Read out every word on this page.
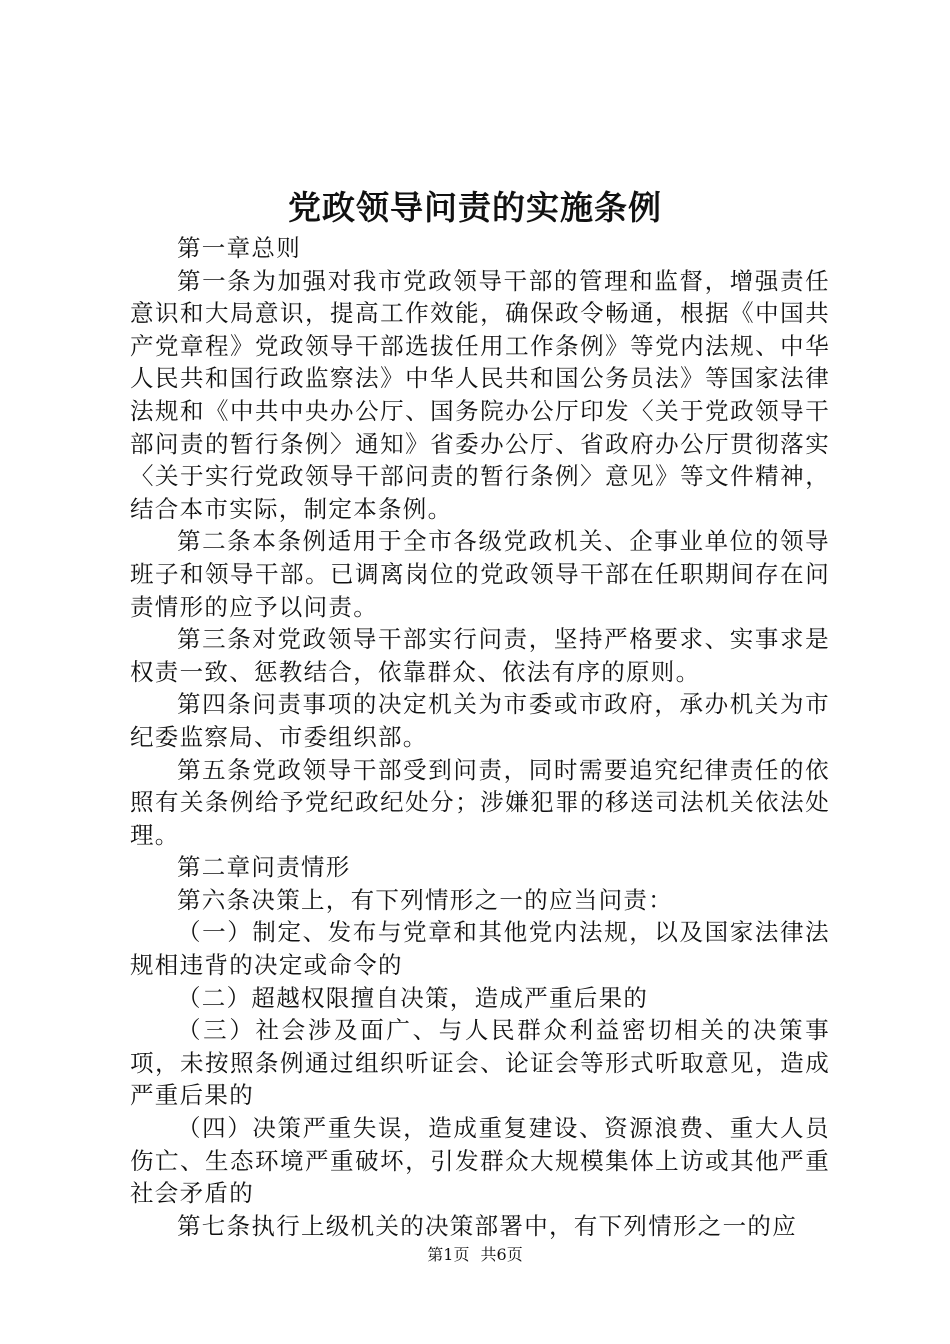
党政领导问责的实施条例

第一章总则

第一条为加强对我市党政领导干部的管理和监督，增强责任意识和大局意识，提高工作效能，确保政令畅通，根据《中国共产党章程》党政领导干部选拔任用工作条例》等党内法规、中华人民共和国行政监察法》中华人民共和国公务员法》等国家法律法规和《中共中央办公厅、国务院办公厅印发〈关于党政领导干部问责的暂行条例〉通知》省委办公厅、省政府办公厅贯彻落实〈关于实行党政领导干部问责的暂行条例〉意见》等文件精神，结合本市实际，制定本条例。

第二条本条例适用于全市各级党政机关、企事业单位的领导班子和领导干部。已调离岗位的党政领导干部在任职期间存在问责情形的应予以问责。

第三条对党政领导干部实行问责，坚持严格要求、实事求是权责一致、惩教结合，依靠群众、依法有序的原则。

第四条问责事项的决定机关为市委或市政府，承办机关为市纪委监察局、市委组织部。

第五条党政领导干部受到问责，同时需要追究纪律责任的依照有关条例给予党纪政纪处分；涉嫌犯罪的移送司法机关依法处理。

第二章问责情形

第六条决策上，有下列情形之一的应当问责：

（一）制定、发布与党章和其他党内法规，以及国家法律法规相违背的决定或命令的

（二）超越权限擅自决策，造成严重后果的

（三）社会涉及面广、与人民群众利益密切相关的决策事项，未按照条例通过组织听证会、论证会等形式听取意见，造成严重后果的

（四）决策严重失误，造成重复建设、资源浪费、重大人员伤亡、生态环境严重破坏，引发群众大规模集体上访或其他严重社会矛盾的

第七条执行上级机关的决策部署中，有下列情形之一的应

第1页 共6页
